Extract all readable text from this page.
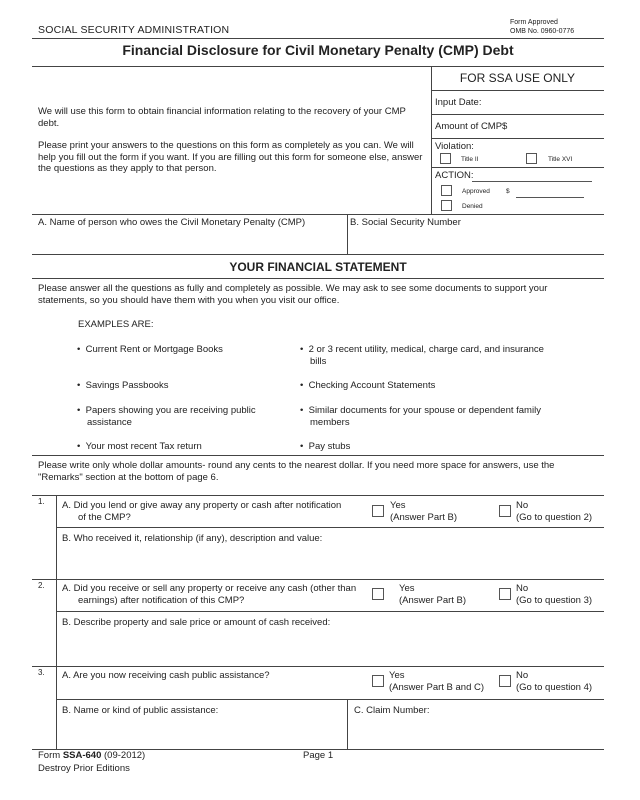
SOCIAL SECURITY ADMINISTRATION
Form Approved
OMB No. 0960-0776
Financial Disclosure for Civil Monetary Penalty (CMP) Debt
We will use this form to obtain financial information relating to the recovery of your CMP debt.
Please print your answers to the questions on this form as completely as you can. We will help you fill out the form if you want. If you are filling out this form for someone else, answer the questions as they apply to that person.
FOR SSA USE ONLY
Input Date:
Amount of CMP$
Violation:
Title II	Title XVI
ACTION:
Approved $
Denied
A. Name of person who owes the Civil Monetary Penalty (CMP)	B. Social Security Number
YOUR FINANCIAL STATEMENT
Please answer all the questions as fully and completely as possible. We may ask to see some documents to support your statements, so you should have them with you when you visit our office.
EXAMPLES ARE:
•  Current Rent or Mortgage Books	•  2 or 3 recent utility, medical, charge card, and insurance bills
•  Savings Passbooks	•  Checking Account Statements
•  Papers showing you are receiving public assistance
•  Similar documents for your spouse or dependent family members
•  Your most recent Tax return	•  Pay stubs
Please write only whole dollar amounts- round any cents to the nearest dollar. If you need more space for answers, use the "Remarks" section at the bottom of page 6.
1. A. Did you lend or give away any property or cash after notification of the CMP?
Yes
(Answer Part B)
No
(Go to question 2)
B. Who received it, relationship (if any), description and value:
2. A. Did you receive or sell any property or receive any cash (other than earnings) after notification of this CMP?
Yes
(Answer Part B)
No
(Go to question 3)
B. Describe property and sale price or amount of cash received:
3. A. Are you now receiving cash public assistance?	Yes
(Answer Part B and C)
No
(Go to question 4)
B. Name or kind of public assistance:	C. Claim Number:
Form SSA-640 (09-2012)
Destroy Prior Editions
Page 1
